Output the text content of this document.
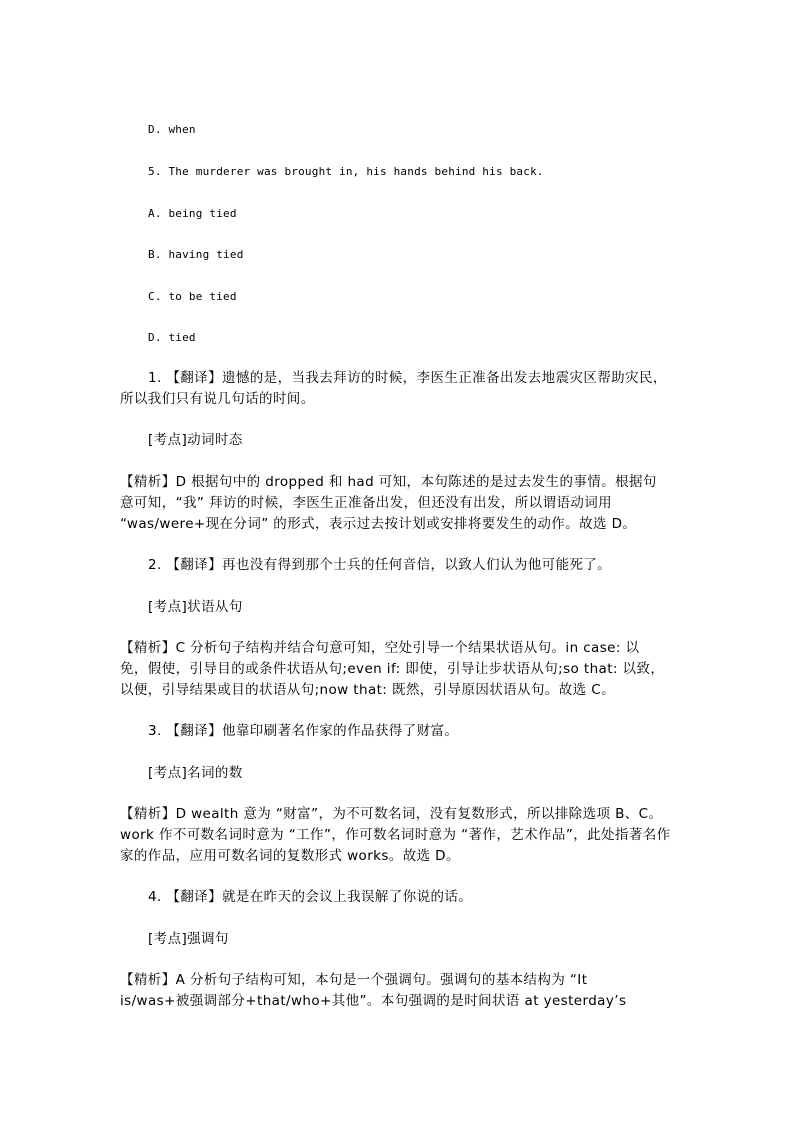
D. when
5. The murderer was brought in, his hands behind his back.
A. being tied
B. having tied
C. to be tied
D. tied
1. 【翻译】遗憾的是，当我去拜访的时候，李医生正准备出发去地震灾区帮助灾民，
所以我们只有说几句话的时间。
[考点]动词时态
【精析】D 根据句中的 dropped 和 had 可知，本句陈述的是过去发生的事情。根据句
意可知，“我” 拜访的时候，李医生正准备出发，但还没有出发，所以谓语动词用
“was/were+现在分词” 的形式，表示过去按计划或安排将要发生的动作。故选 D。
2. 【翻译】再也没有得到那个士兵的任何音信，以致人们认为他可能死了。
[考点]状语从句
【精析】C 分析句子结构并结合句意可知，空处引导一个结果状语从句。in case: 以
免，假使，引导目的或条件状语从句;even if: 即使，引导让步状语从句;so that: 以致，
以便，引导结果或目的状语从句;now that: 既然，引导原因状语从句。故选 C。
3. 【翻译】他靠印刷著名作家的作品获得了财富。
[考点]名词的数
【精析】D wealth 意为 “财富”，为不可数名词，没有复数形式，所以排除选项 B、C。
work 作不可数名词时意为 “工作”，作可数名词时意为 “著作，艺术作品”，此处指著名作
家的作品，应用可数名词的复数形式 works。故选 D。
4. 【翻译】就是在昨天的会议上我误解了你说的话。
[考点]强调句
【精析】A 分析句子结构可知，本句是一个强调句。强调句的基本结构为 “It
is/was+被强调部分+that/who+其他”。本句强调的是时间状语 at yesterday’s
